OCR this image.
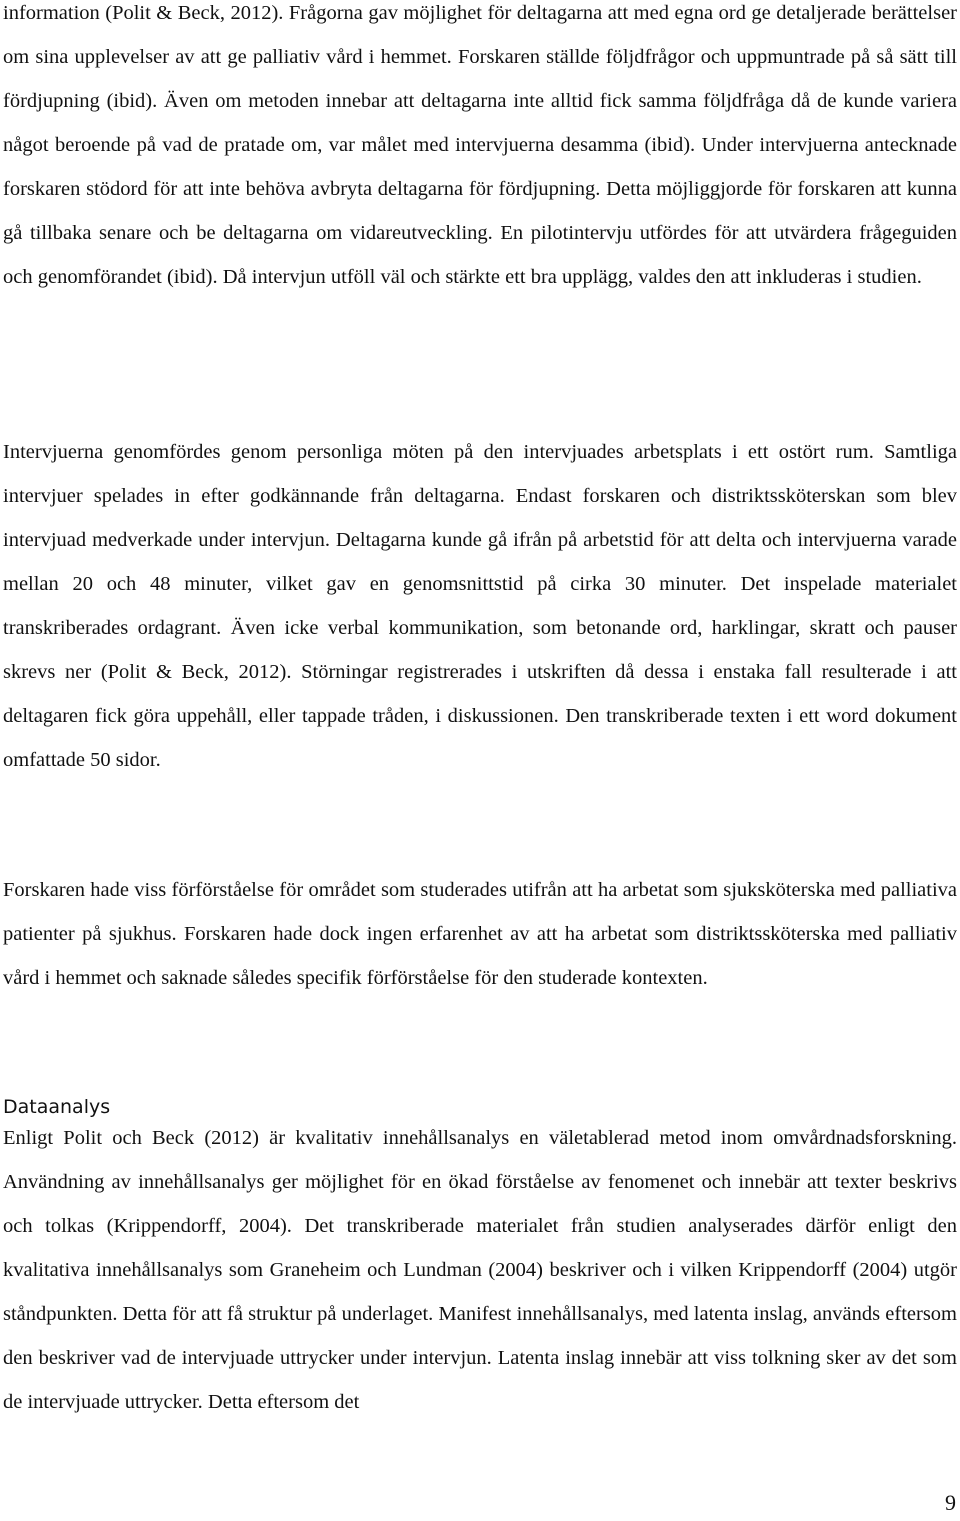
information (Polit & Beck, 2012). Frågorna gav möjlighet för deltagarna att med egna ord ge detaljerade berättelser om sina upplevelser av att ge palliativ vård i hemmet. Forskaren ställde följdfrågor och uppmuntrade på så sätt till fördjupning (ibid). Även om metoden innebar att deltagarna inte alltid fick samma följdfråga då de kunde variera något beroende på vad de pratade om, var målet med intervjuerna desamma (ibid). Under intervjuerna antecknade forskaren stödord för att inte behöva avbryta deltagarna för fördjupning. Detta möjliggjorde för forskaren att kunna gå tillbaka senare och be deltagarna om vidareutveckling. En pilotintervju utfördes för att utvärdera frågeguiden och genomförandet (ibid). Då intervjun utföll väl och stärkte ett bra upplägg, valdes den att inkluderas i studien.

Intervjuerna genomfördes genom personliga möten på den intervjuades arbetsplats i ett ostört rum. Samtliga intervjuer spelades in efter godkännande från deltagarna. Endast forskaren och distriktssköterskan som blev intervjuad medverkade under intervjun. Deltagarna kunde gå ifrån på arbetstid för att delta och intervjuerna varade mellan 20 och 48 minuter, vilket gav en genomsnittstid på cirka 30 minuter. Det inspelade materialet transkriberades ordagrant. Även icke verbal kommunikation, som betonande ord, harklingar, skratt och pauser skrevs ner (Polit & Beck, 2012). Störningar registrerades i utskriften då dessa i enstaka fall resulterade i att deltagaren fick göra uppehåll, eller tappade tråden, i diskussionen. Den transkriberade texten i ett word dokument omfattade 50 sidor.

Forskaren hade viss förförståelse för området som studerades utifrån att ha arbetat som sjuksköterska med palliativa patienter på sjukhus. Forskaren hade dock ingen erfarenhet av att ha arbetat som distriktssköterska med palliativ vård i hemmet och saknade således specifik förförståelse för den studerade kontexten.

Dataanalys

Enligt Polit och Beck (2012) är kvalitativ innehållsanalys en väletablerad metod inom omvårdnadsforskning. Användning av innehållsanalys ger möjlighet för en ökad förståelse av fenomenet och innebär att texter beskrivs och tolkas (Krippendorff, 2004). Det transkriberade materialet från studien analyserades därför enligt den kvalitativa innehållsanalys som Graneheim och Lundman (2004) beskriver och i vilken Krippendorff (2004) utgör ståndpunkten. Detta för att få struktur på underlaget. Manifest innehållsanalys, med latenta inslag, används eftersom den beskriver vad de intervjuade uttrycker under intervjun. Latenta inslag innebär att viss tolkning sker av det som de intervjuade uttrycker. Detta eftersom det

9
